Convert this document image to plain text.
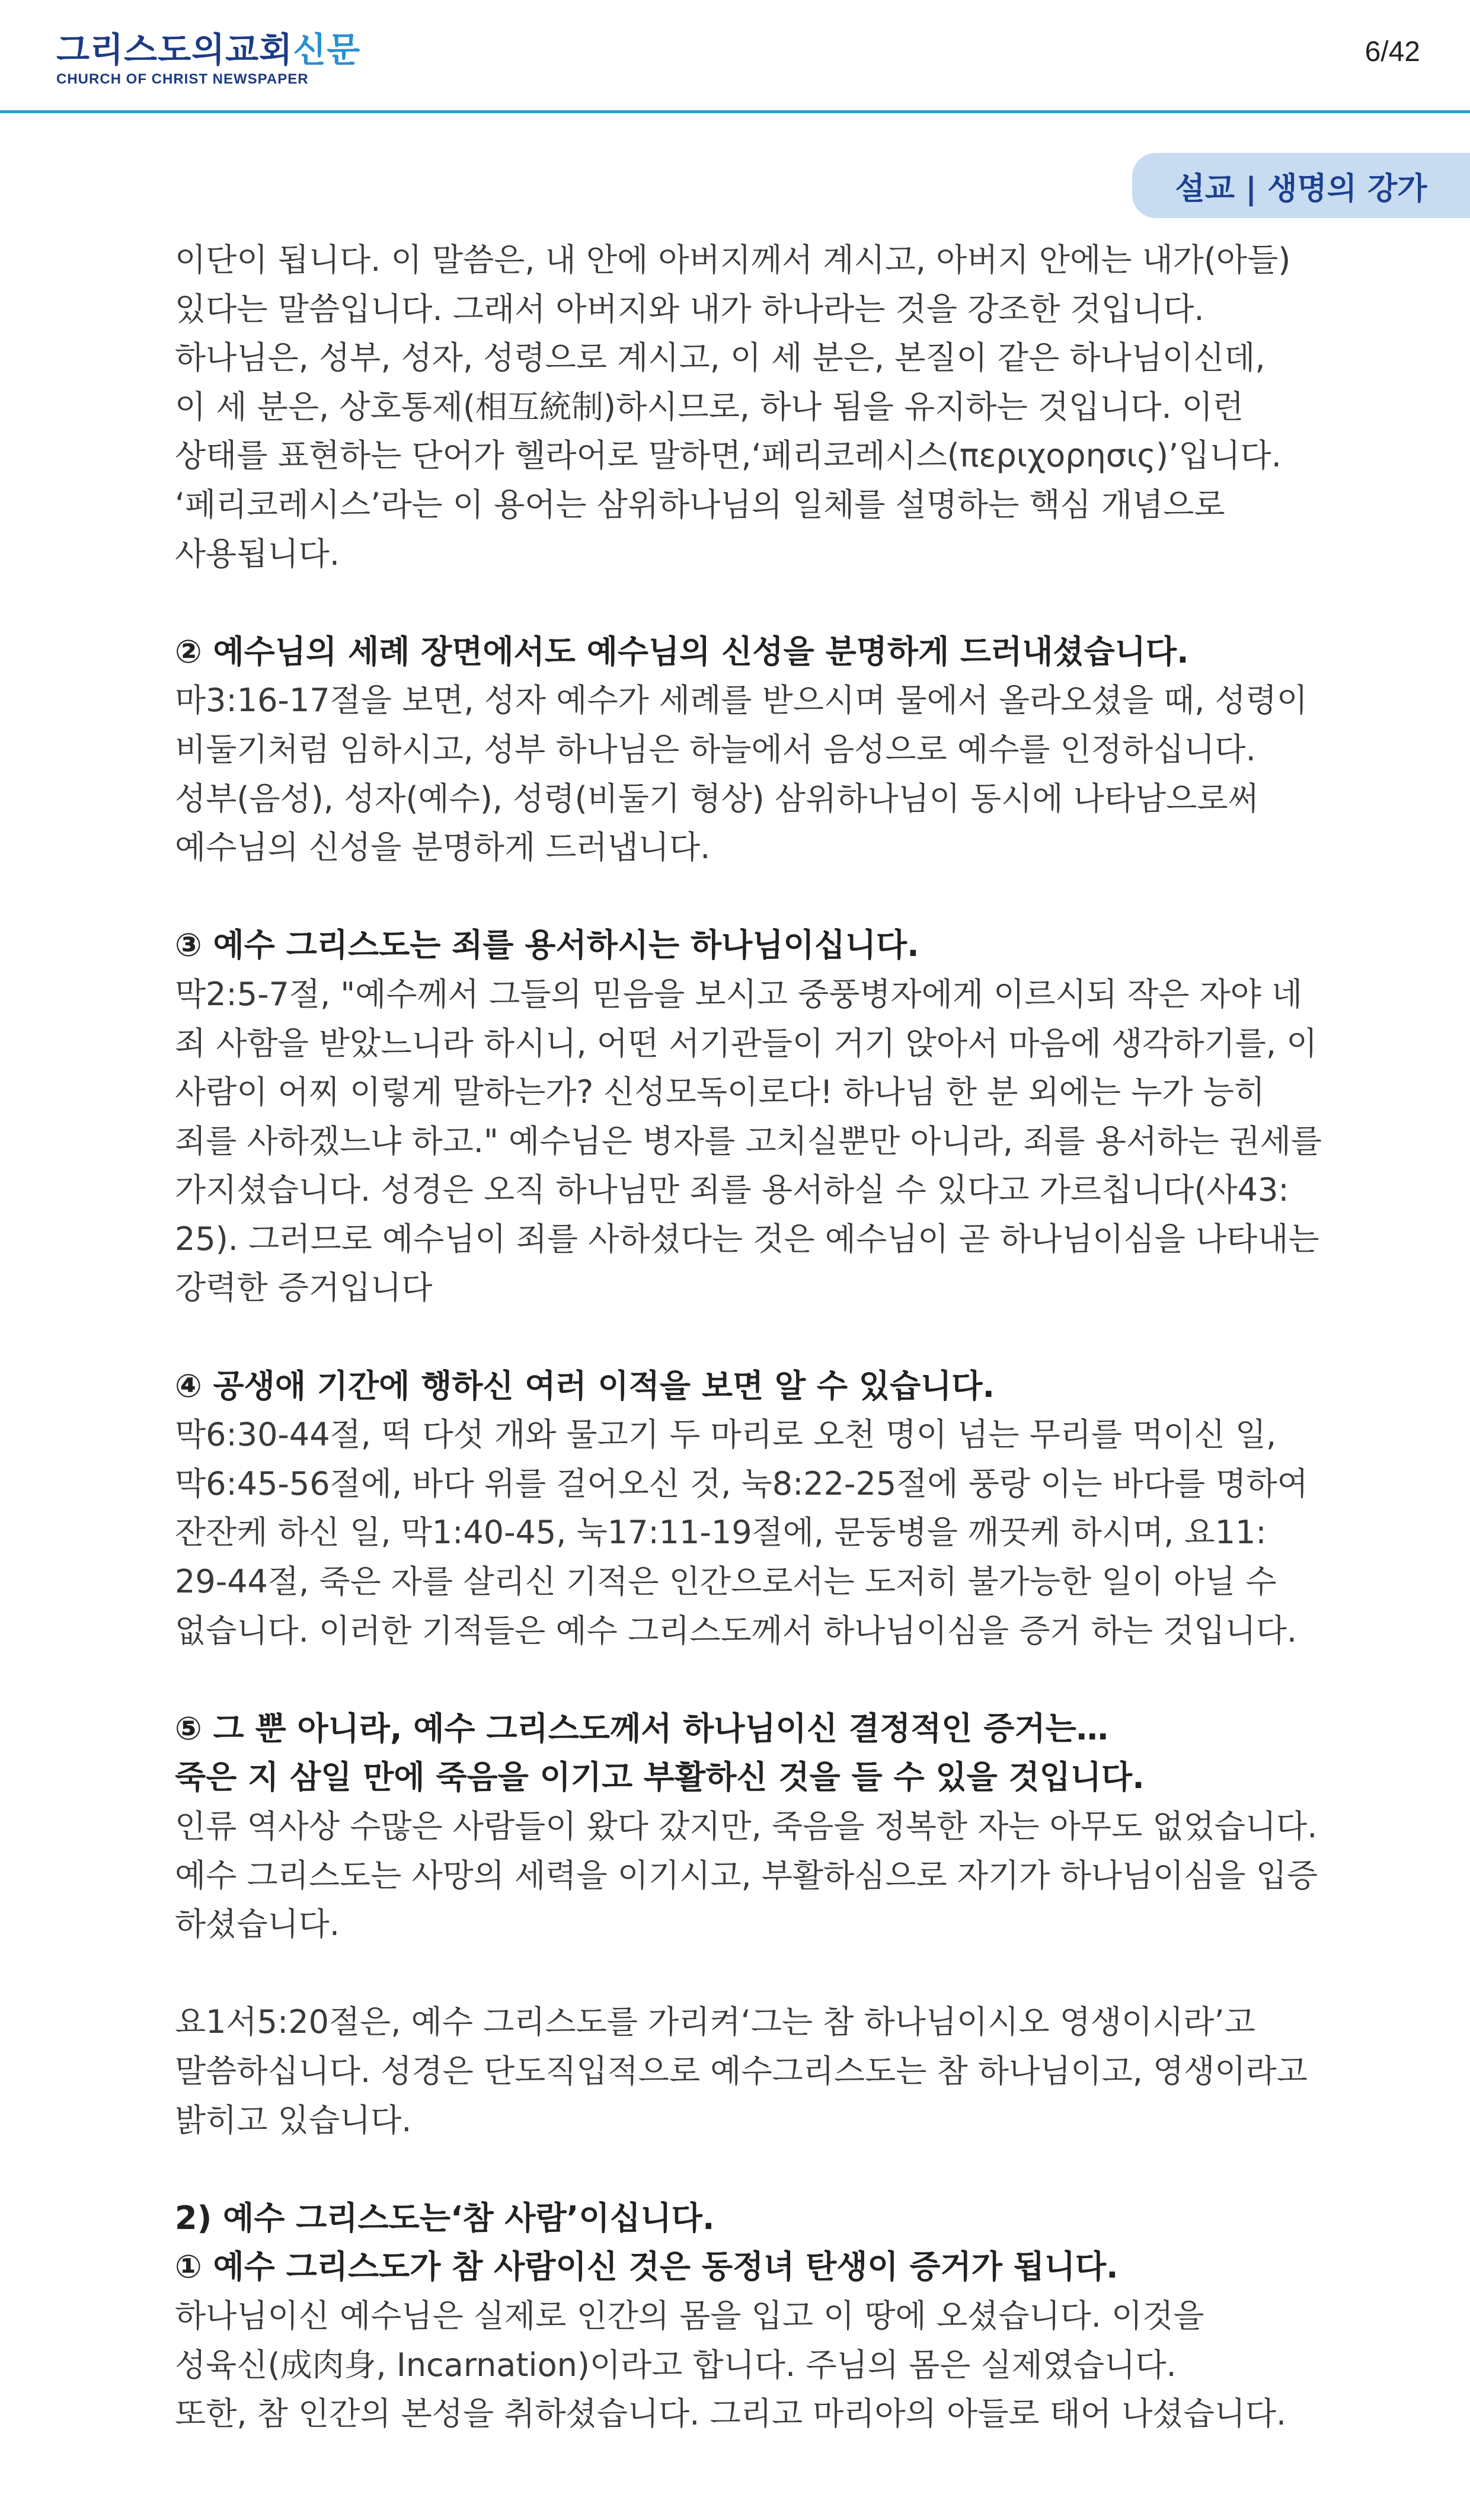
그리스도의교회신문
CHURCH OF CHRIST NEWSPAPER
6/42
설교 | 생명의 강가
이단이 됩니다. 이 말씀은, 내 안에 아버지께서 계시고, 아버지 안에는 내가(아들)
있다는 말씀입니다. 그래서 아버지와 내가 하나라는 것을 강조한 것입니다.
하나님은, 성부, 성자, 성령으로 계시고, 이 세 분은, 본질이 같은 하나님이신데,
이 세 분은, 상호통제(相互統制)하시므로, 하나 됨을 유지하는 것입니다. 이런
상태를 표현하는 단어가 헬라어로 말하면,‘페리코레시스(περιχορησις)’입니다.
‘페리코레시스’라는 이 용어는 삼위하나님의 일체를 설명하는 핵심 개념으로
사용됩니다.
② 예수님의 세례 장면에서도 예수님의 신성을 분명하게 드러내셨습니다.
마3:16-17절을 보면, 성자 예수가 세례를 받으시며 물에서 올라오셨을 때, 성령이
비둘기처럼 임하시고, 성부 하나님은 하늘에서 음성으로 예수를 인정하십니다.
성부(음성), 성자(예수), 성령(비둘기 형상) 삼위하나님이 동시에 나타남으로써
예수님의 신성을 분명하게 드러냅니다.
③ 예수 그리스도는 죄를 용서하시는 하나님이십니다.
막2:5-7절, "예수께서 그들의 믿음을 보시고 중풍병자에게 이르시되 작은 자야 네
죄 사함을 받았느니라 하시니, 어떤 서기관들이 거기 앉아서 마음에 생각하기를, 이
사람이 어찌 이렇게 말하는가? 신성모독이로다! 하나님 한 분 외에는 누가 능히
죄를 사하겠느냐 하고." 예수님은 병자를 고치실뿐만 아니라, 죄를 용서하는 권세를
가지셨습니다. 성경은 오직 하나님만 죄를 용서하실 수 있다고 가르칩니다(사43:
25). 그러므로 예수님이 죄를 사하셨다는 것은 예수님이 곧 하나님이심을 나타내는
강력한 증거입니다
④ 공생애 기간에 행하신 여러 이적을 보면 알 수 있습니다.
막6:30-44절, 떡 다섯 개와 물고기 두 마리로 오천 명이 넘는 무리를 먹이신 일,
막6:45-56절에, 바다 위를 걸어오신 것, 눅8:22-25절에 풍랑 이는 바다를 명하여
잔잔케 하신 일, 막1:40-45, 눅17:11-19절에, 문둥병을 깨끗케 하시며, 요11:
29-44절, 죽은 자를 살리신 기적은 인간으로서는 도저히 불가능한 일이 아닐 수
없습니다. 이러한 기적들은 예수 그리스도께서 하나님이심을 증거 하는 것입니다.
⑤ 그 뿐 아니라, 예수 그리스도께서 하나님이신 결정적인 증거는…
죽은 지 삼일 만에 죽음을 이기고 부활하신 것을 들 수 있을 것입니다.
인류 역사상 수많은 사람들이 왔다 갔지만, 죽음을 정복한 자는 아무도 없었습니다.
예수 그리스도는 사망의 세력을 이기시고, 부활하심으로 자기가 하나님이심을 입증
하셨습니다.
요1서5:20절은, 예수 그리스도를 가리켜‘그는 참 하나님이시오 영생이시라’고
말씀하십니다. 성경은 단도직입적으로 예수그리스도는 참 하나님이고, 영생이라고
밝히고 있습니다.
2) 예수 그리스도는‘참 사람’이십니다.
① 예수 그리스도가 참 사람이신 것은 동정녀 탄생이 증거가 됩니다.
하나님이신 예수님은 실제로 인간의 몸을 입고 이 땅에 오셨습니다. 이것을
성육신(成肉身, Incarnation)이라고 합니다. 주님의 몸은 실제였습니다.
또한, 참 인간의 본성을 취하셨습니다. 그리고 마리아의 아들로 태어 나셨습니다.
